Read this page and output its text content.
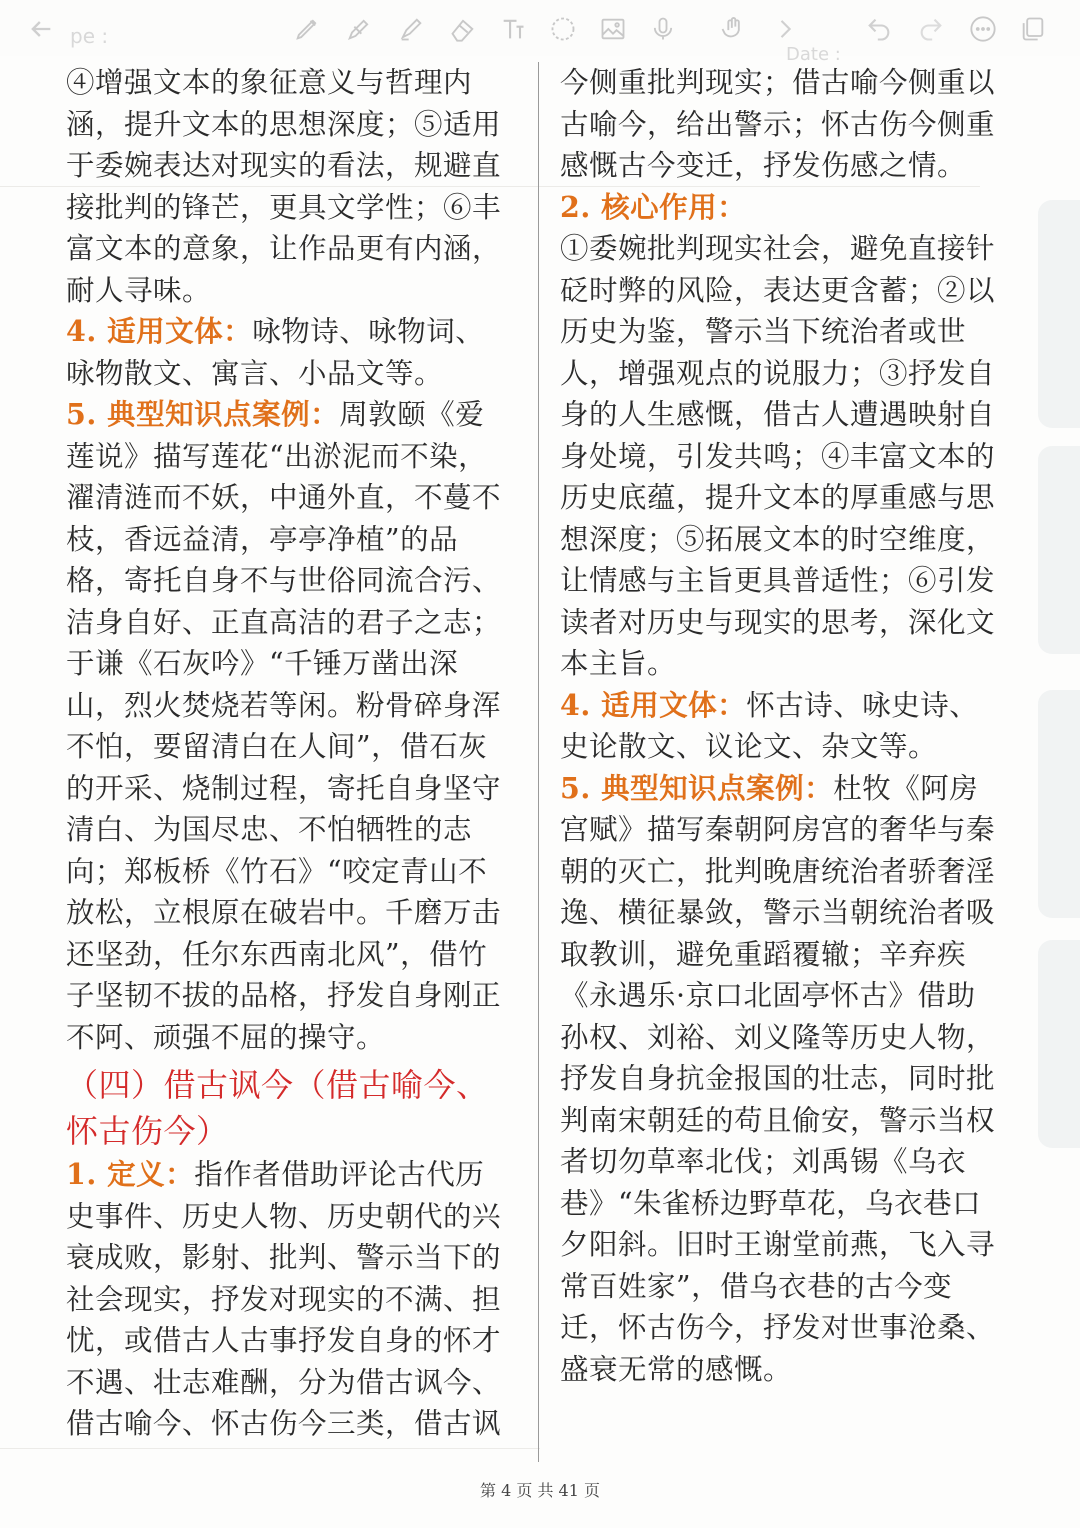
pe :
Date :

④增强文本的象征意义与哲理内涵，提升文本的思想深度；⑤适用于委婉表达对现实的看法，规避直接批判的锋芒，更具文学性；⑥丰富文本的意象，让作品更有内涵，耐人寻味。

4. 适用文体：咏物诗、咏物词、咏物散文、寓言、小品文等。

5. 典型知识点案例：周敦颐《爱莲说》描写莲花“出淤泥而不染，濯清涟而不妖，中通外直，不蔓不枝，香远益清，亭亭净植”的品格，寄托自身不与世俗同流合污、洁身自好、正直高洁的君子之志；于谦《石灰吟》“千锤万凿出深山，烈火焚烧若等闲。粉骨碎身浑不怕，要留清白在人间”，借石灰的开采、烧制过程，寄托自身坚守清白、为国尽忠、不怕牺牲的志向；郑板桥《竹石》“咬定青山不放松，立根原在破岩中。千磨万击还坚劲，任尔东西南北风”，借竹子坚韧不拔的品格，抒发自身刚正不阿、顽强不屈的操守。

（四）借古讽今（借古喻今、怀古伤今）

1. 定义：指作者借助评论古代历史事件、历史人物、历史朝代的兴衰成败，影射、批判、警示当下的社会现实，抒发对现实的不满、担忧，或借古人古事抒发自身的怀才不遇、壮志难酬，分为借古讽今、借古喻今、怀古伤今三类，借古讽

今侧重批判现实；借古喻今侧重以古喻今，给出警示；怀古伤今侧重感慨古今变迁，抒发伤感之情。

2. 核心作用：

①委婉批判现实社会，避免直接针砭时弊的风险，表达更含蓄；②以历史为鉴，警示当下统治者或世人，增强观点的说服力；③抒发自身的人生感慨，借古人遭遇映射自身处境，引发共鸣；④丰富文本的历史底蕴，提升文本的厚重感与思想深度；⑤拓展文本的时空维度，让情感与主旨更具普适性；⑥引发读者对历史与现实的思考，深化文本主旨。

4. 适用文体：怀古诗、咏史诗、史论散文、议论文、杂文等。

5. 典型知识点案例：杜牧《阿房宫赋》描写秦朝阿房宫的奢华与秦朝的灭亡，批判晚唐统治者骄奢淫逸、横征暴敛，警示当朝统治者吸取教训，避免重蹈覆辙；辛弃疾《永遇乐·京口北固亭怀古》借助孙权、刘裕、刘义隆等历史人物，抒发自身抗金报国的壮志，同时批判南宋朝廷的苟且偷安，警示当权者切勿草率北伐；刘禹锡《乌衣巷》“朱雀桥边野草花，乌衣巷口夕阳斜。旧时王谢堂前燕，飞入寻常百姓家”，借乌衣巷的古今变迁，怀古伤今，抒发对世事沧桑、盛衰无常的感慨。

第 4 页 共 41 页
